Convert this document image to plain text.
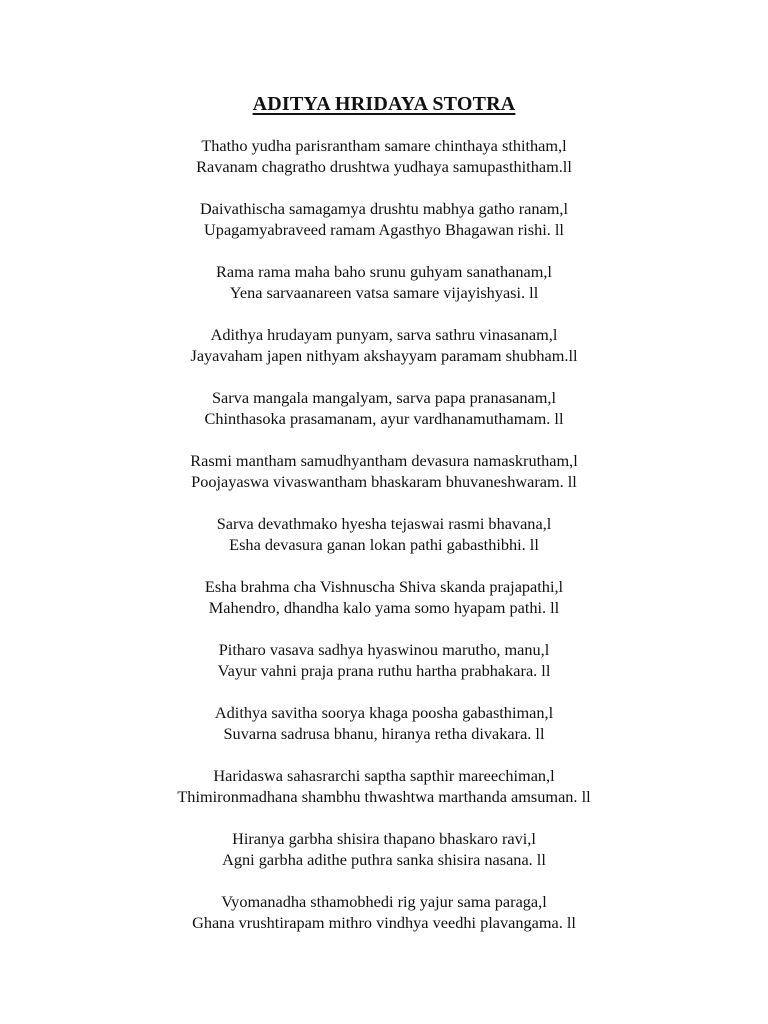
ADITYA HRIDAYA STOTRA
Thatho yudha parisrantham samare chinthaya sthitham,l
Ravanam chagratho drushtwa yudhaya samupasthitham.ll
Daivathischa samagamya drushtu mabhya gatho ranam,l
Upagamyabraveed ramam Agasthyo Bhagawan rishi. ll
Rama rama maha baho srunu guhyam sanathanam,l
Yena sarvaanareen vatsa samare vijayishyasi. ll
Adithya hrudayam punyam, sarva sathru vinasanam,l
Jayavaham japen nithyam akshayyam paramam shubham.ll
Sarva mangala mangalyam, sarva papa pranasanam,l
Chinthasoka prasamanam, ayur vardhanamuthamam. ll
Rasmi mantham samudhyantham devasura namaskrutham,l
Poojayaswa vivaswantham bhaskaram bhuvaneshwaram. ll
Sarva devathmako hyesha tejaswai rasmi bhavana,l
Esha devasura ganan lokan pathi gabasthibhi. ll
Esha brahma cha Vishnuscha Shiva skanda prajapathi,l
Mahendro, dhandha kalo yama somo hyapam pathi. ll
Pitharo vasava sadhya hyaswinou marutho, manu,l
Vayur vahni praja prana ruthu hartha prabhakara. ll
Adithya savitha soorya khaga poosha gabasthiman,l
Suvarna sadrusa bhanu, hiranya retha divakara. ll
Haridaswa sahasrarchi saptha sapthir mareechiman,l
Thimironmadhana shambhu thwashtwa marthanda amsuman. ll
Hiranya garbha shisira thapano bhaskaro ravi,l
Agni garbha adithe puthra sanka shisira nasana. ll
Vyomanadha sthamobhedi rig yajur sama paraga,l
Ghana vrushtirapam mithro vindhya veedhi plavangama. ll
